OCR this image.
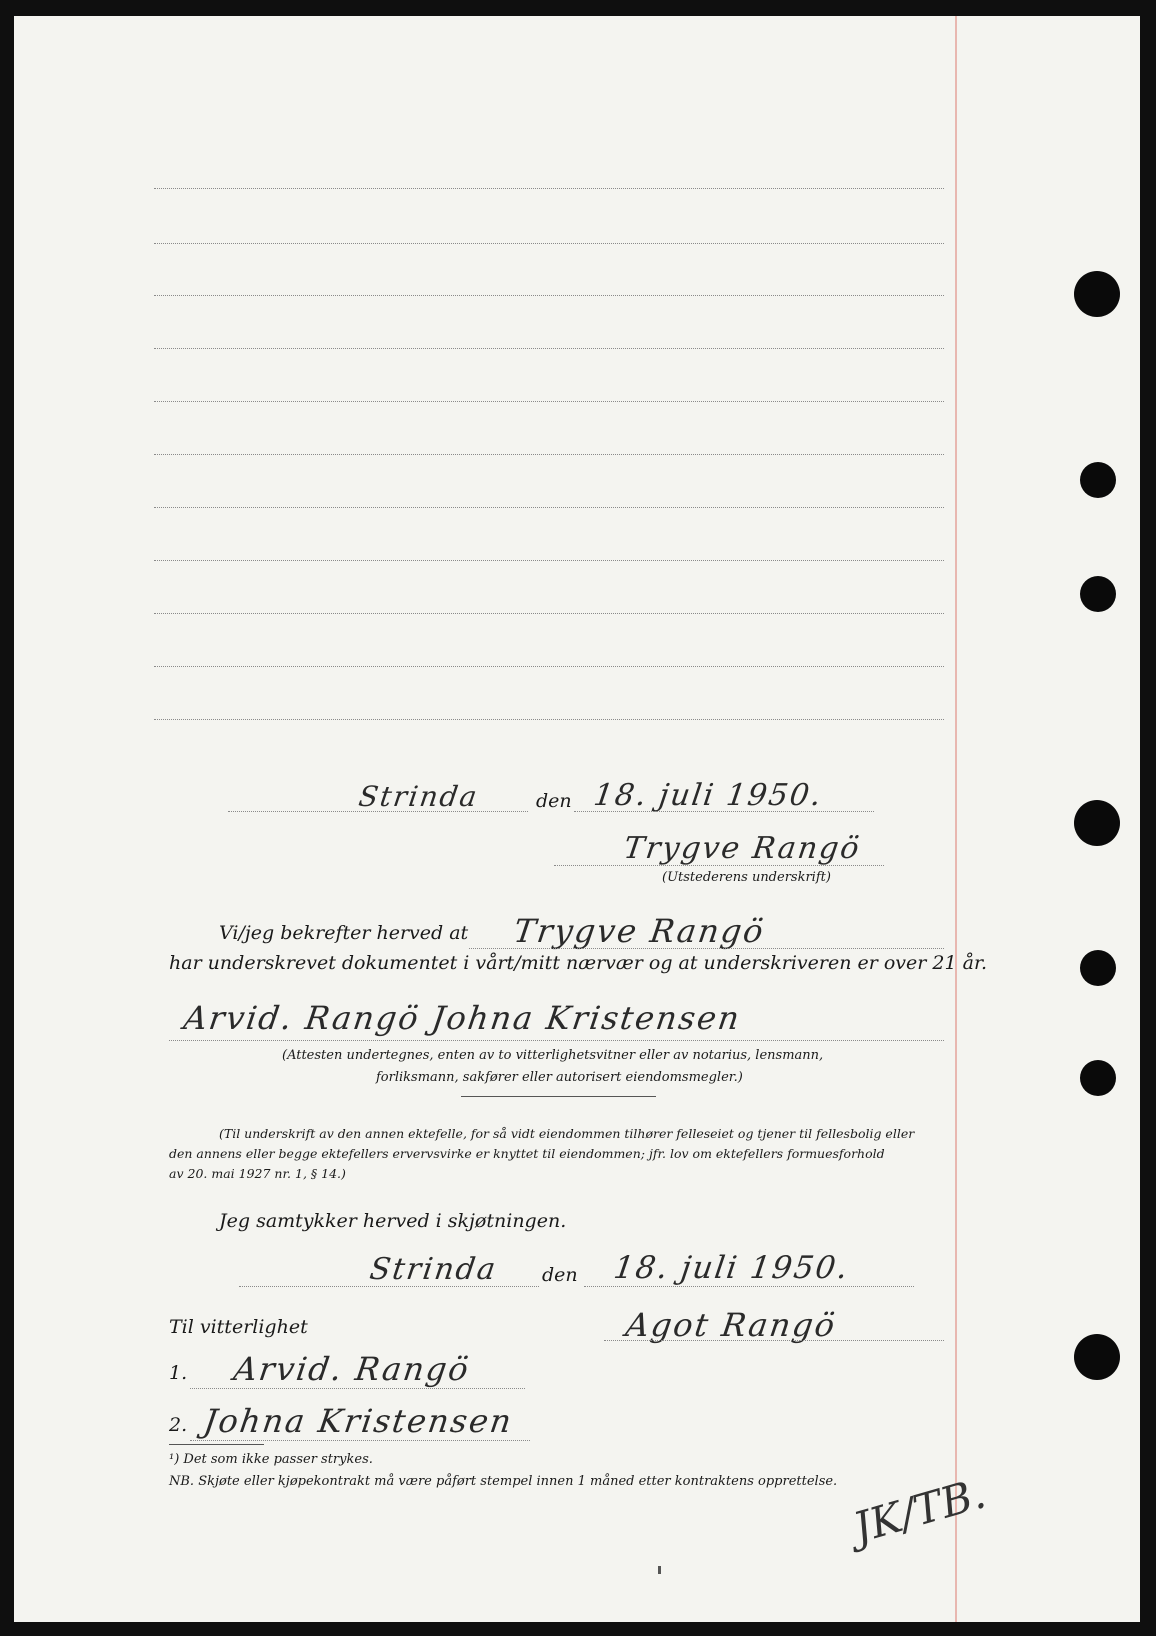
Strinda	den 18. juli 1950.
Trygve Rangö
(Utstederens underskrift)
Vi/jeg bekrefter herved at Trygve Rangö
har underskrevet dokumentet i vårt/mitt nærvær og at underskriveren er over 21 år.
Arvid. Rangö Johna Kristensen
(Attesten undertegnes, enten av to vitterlighetsvitner eller av notarius, lensmann,
forliksmann, sakfører eller autorisert eiendomsmegler.)
(Til underskrift av den annen ektefelle, for så vidt eiendommen tilhører felleseiet og tjener til fellesbolig eller
den annens eller begge ektefellers ervervsvirke er knyttet til eiendommen; jfr. lov om ektefellers formuesforhold
av 20. mai 1927 nr. 1, § 14.)
Jeg samtykker herved i skjøtningen.
Strinda den 18. juli 1950.
Til vitterlighet	Agot Rangö
1. Arvid. Rangö
2. Johna Kristensen
¹) Det som ikke passer strykes.
NB. Skjøte eller kjøpekontrakt må være påført stempel innen 1 måned etter kontraktens opprettelse. JK/TB.
